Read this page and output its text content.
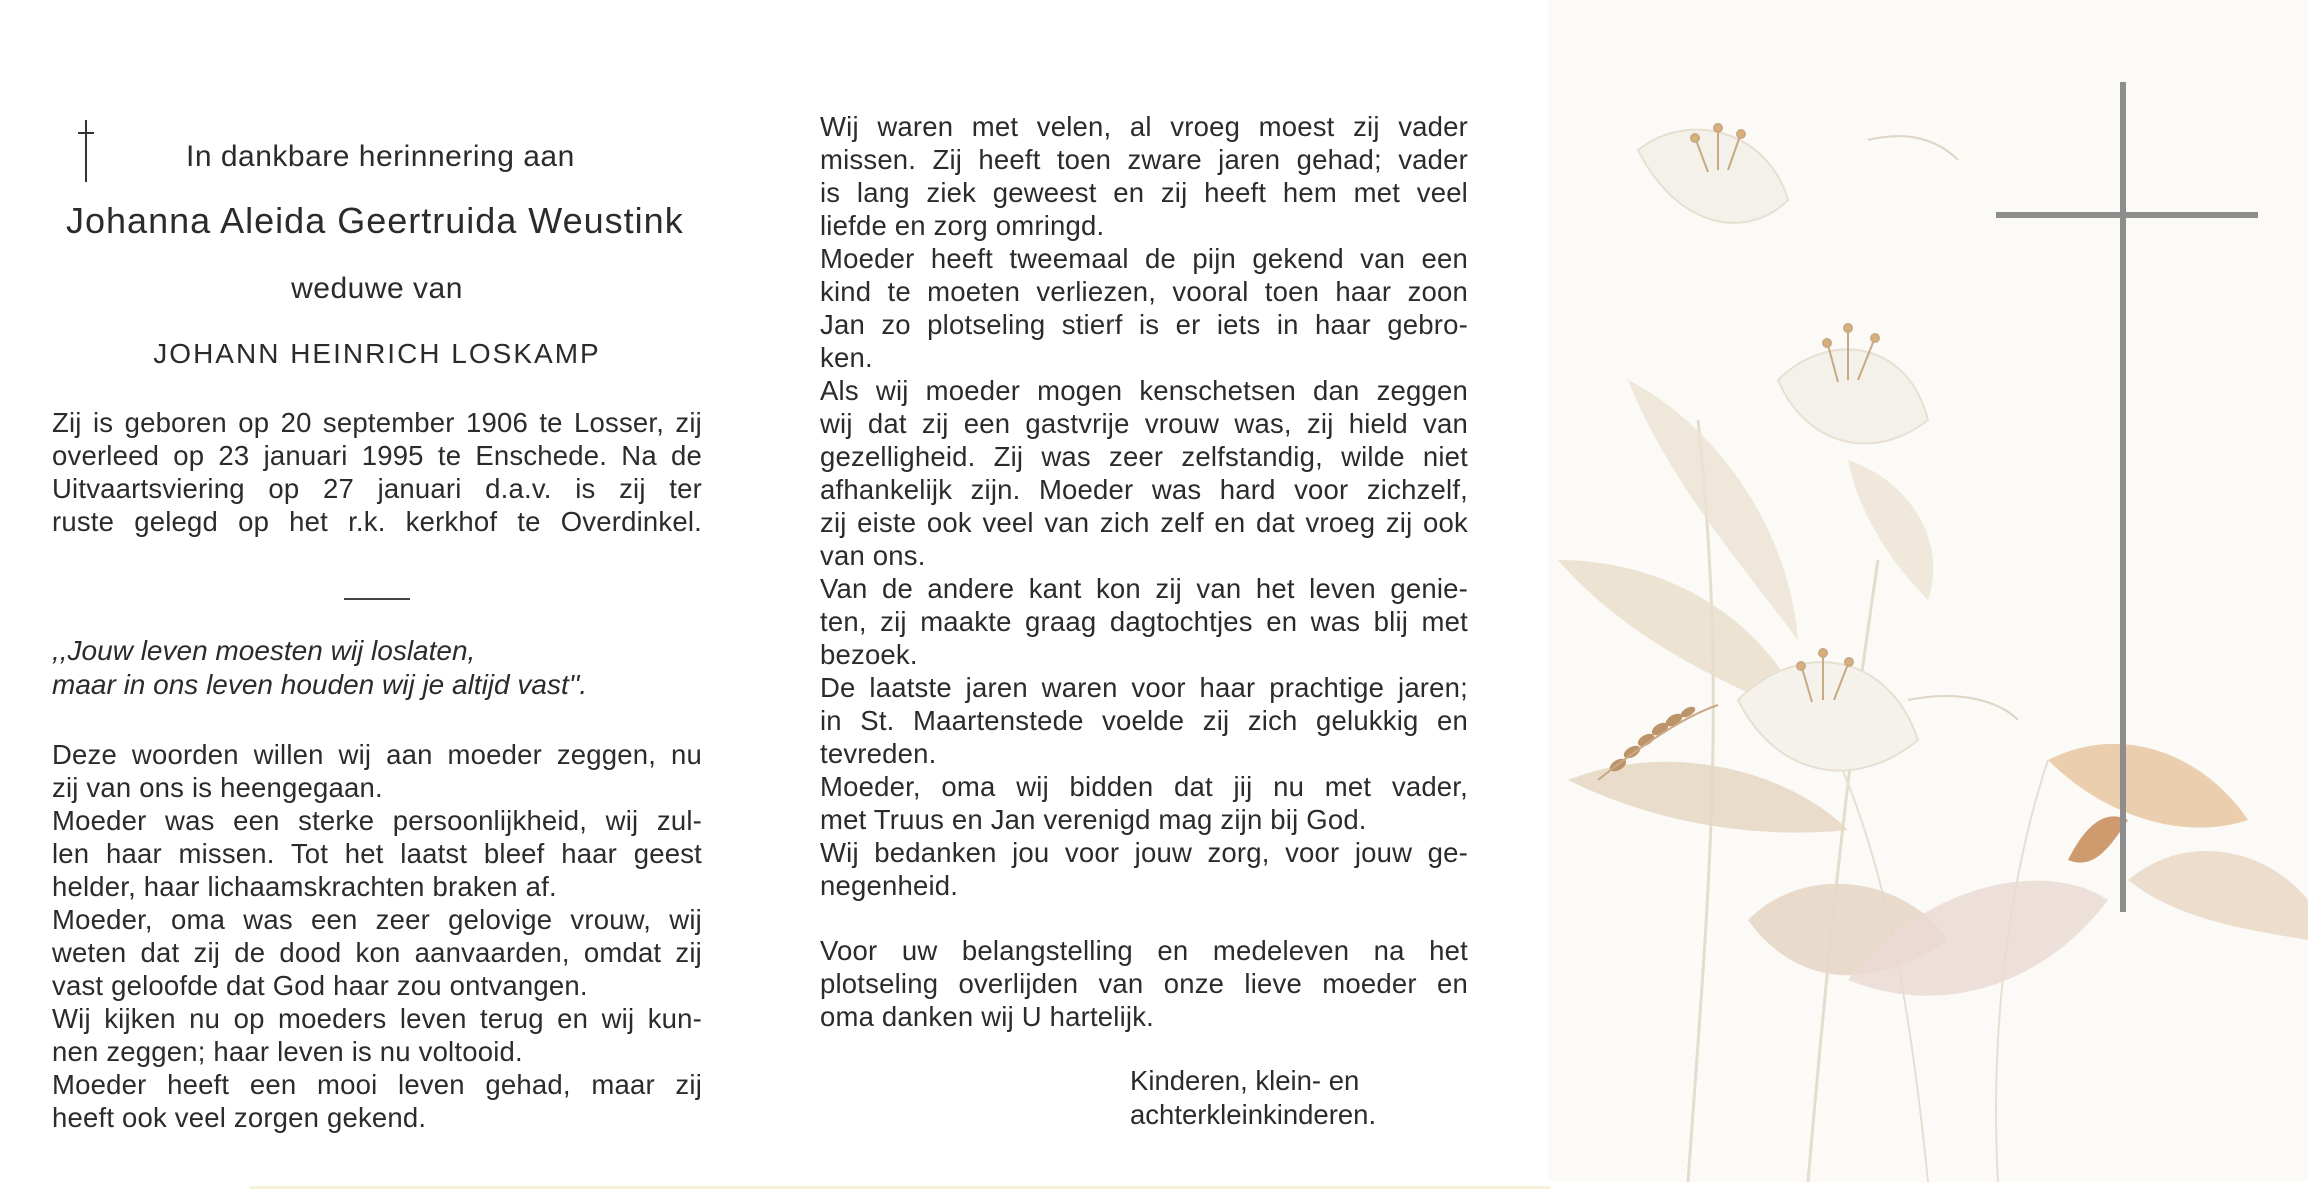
In dankbare herinnering aan
Johanna Aleida Geertruida Weustink
weduwe van
JOHANN HEINRICH LOSKAMP
Zij is geboren op 20 september 1906 te Losser, zij
overleed op 23 januari 1995 te Enschede. Na de
Uitvaartsviering op 27 januari d.a.v. is zij ter
ruste gelegd op het r.k. kerkhof te Overdinkel.
,,Jouw leven moesten wij loslaten,
maar in ons leven houden wij je altijd vast''.
Deze woorden willen wij aan moeder zeggen, nu
zij van ons is heengegaan.
Moeder was een sterke persoonlijkheid, wij zul-
len haar missen. Tot het laatst bleef haar geest
helder, haar lichaamskrachten braken af.
Moeder, oma was een zeer gelovige vrouw, wij
weten dat zij de dood kon aanvaarden, omdat zij
vast geloofde dat God haar zou ontvangen.
Wij kijken nu op moeders leven terug en wij kun-
nen zeggen; haar leven is nu voltooid.
Moeder heeft een mooi leven gehad, maar zij
heeft ook veel zorgen gekend.
Wij waren met velen, al vroeg moest zij vader
missen. Zij heeft toen zware jaren gehad; vader
is lang ziek geweest en zij heeft hem met veel
liefde en zorg omringd.
Moeder heeft tweemaal de pijn gekend van een
kind te moeten verliezen, vooral toen haar zoon
Jan zo plotseling stierf is er iets in haar gebro-
ken.
Als wij moeder mogen kenschetsen dan zeggen
wij dat zij een gastvrije vrouw was, zij hield van
gezelligheid. Zij was zeer zelfstandig, wilde niet
afhankelijk zijn. Moeder was hard voor zichzelf,
zij eiste ook veel van zich zelf en dat vroeg zij ook
van ons.
Van de andere kant kon zij van het leven genie-
ten, zij maakte graag dagtochtjes en was blij met
bezoek.
De laatste jaren waren voor haar prachtige jaren;
in St. Maartenstede voelde zij zich gelukkig en
tevreden.
Moeder, oma wij bidden dat jij nu met vader,
met Truus en Jan verenigd mag zijn bij God.
Wij bedanken jou voor jouw zorg, voor jouw ge-
negenheid.
Voor uw belangstelling en medeleven na het
plotseling overlijden van onze lieve moeder en
oma danken wij U hartelijk.
Kinderen, klein- en
achterkleinkinderen.
